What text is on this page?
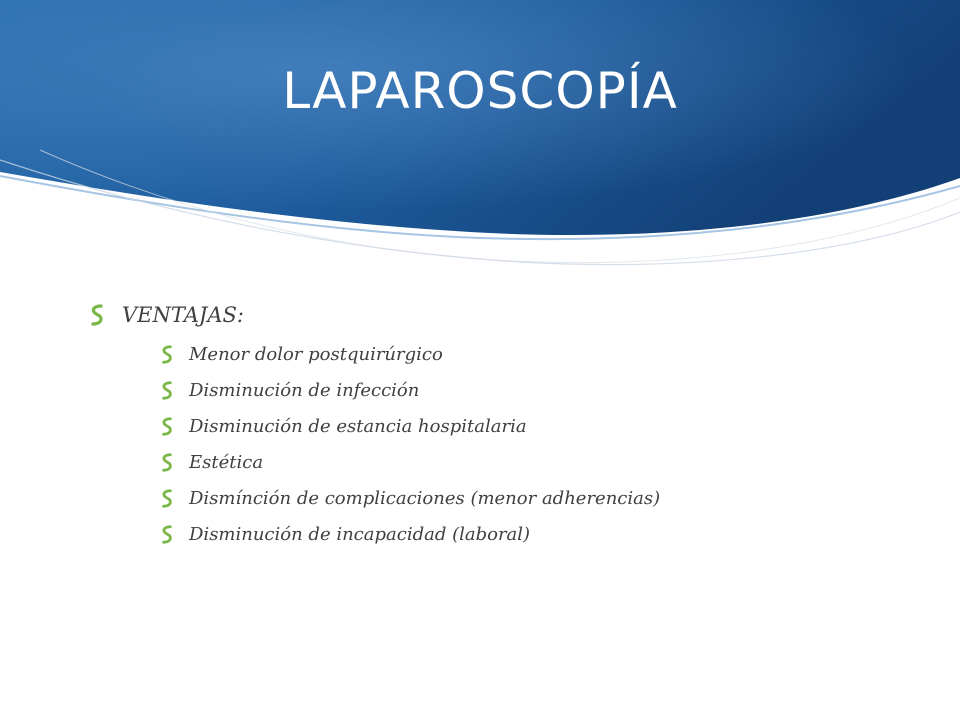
LAPAROSCOPÍA
VENTAJAS:
Menor dolor postquirúrgico
Disminución de infección
Disminución de estancia hospitalaria
Estética
Dismínción de complicaciones (menor adherencias)
Disminución de incapacidad (laboral)
